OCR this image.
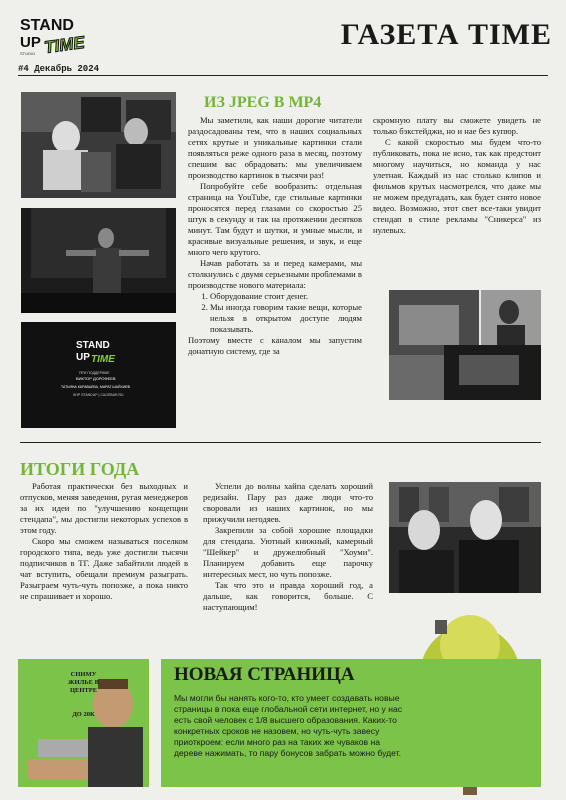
STAND
UP TIME
STUDIO
ГАЗЕТА TIME
#4 Декабрь 2024
STAND
UP TIME
ПРИ ПОДДЕРЖКЕ
ВИКТОР ДОРОФЕЕВ
ТАТЬЯНА КАРАВАЕВА, МАРАТ ШАЙХИЕВ
SHP STANDUP | CAGEBAR.RU
ИЗ JPEG В MP4

Мы заметили, как наши дорогие читатели раздосадованы тем, что в наших социальных сетях крутые и уникальные картинки стали появляться реже одного раза в месяц, поэтому спешим вас обрадовать: мы увеличиваем производство картинок в тысячи раз!

Попробуйте себе вообразить: отдельная страница на YouTube, где стильные картинки проносятся перед глазами со скоростью 25 штук в секунду и так на протяжении десятков минут. Там будут и шутки, и умные мысли, и красивые визуальные решения, и звук, и еще много чего крутого.

Начав работать за и перед камерами, мы столкнулись с двумя серьезными проблемами в производстве нового материала:

1. Оборудование стоит денег.
2. Мы иногда говорим такие вещи, которые нельзя в открытом доступе людям показывать.

Поэтому вместе с каналом мы запустим донатную систему, где за

скромную плату вы сможете увидеть не только бэкстейджи, но и нае без купюр.

С какой скоростью мы будем что-то публиковать, пока не ясно, так как предстоит многому научиться, но команда у нас улетная. Каждый из нас столько клипов и фильмов крутых насмотрелся, что даже мы не можем предугадать, как будет снято новое видео. Возможно, этот свет все-таки увидит стендап в стиле рекламы "Сникерса" из нулевых.

ИТОГИ ГОДА

Работая практически без выходных и отпусков, меняя заведения, ругая менеджеров за их идеи по "улучшению концепции стендапа", мы достигли некоторых успехов в этом году.

Скоро мы сможем называться поселком городского типа, ведь уже достигли тысячи подписчиков в ТГ. Даже забайтили людей в чат вступить, обещали премиум разыграть. Разыграем чуть-чуть попозже, а пока никто не спрашивает и хорошо.

Успели до волны хайпа сделать хороший редизайн. Пару раз даже люди что-то своровали из наших картинок, но мы прижучили негодяев.

Закрепили за собой хорошие площадки для стендапа. Уютный книжный, камерный "Шейкер" и дружелюбный "Хоуми". Планируем добавить еще парочку интересных мест, но чуть попозже.

Так что это и правда хороший год, а дальше, как говорится, больше. С наступающим!

СНИМУ
ЖИЛЬЕ В
ЦЕНТРЕ
ДО 20К
НОВАЯ СТРАНИЦА
Мы могли бы нанять кого-то, кто умеет создавать новые страницы в пока еще глобальной сети интернет, но у нас есть свой человек с 1/8 высшего образования. Каких-то конкретных сроков не назовем, но чуть-чуть завесу приоткроем: если много раз на таких же чуваков на дереве нажимать, то пару бонусов забрать можно будет.
